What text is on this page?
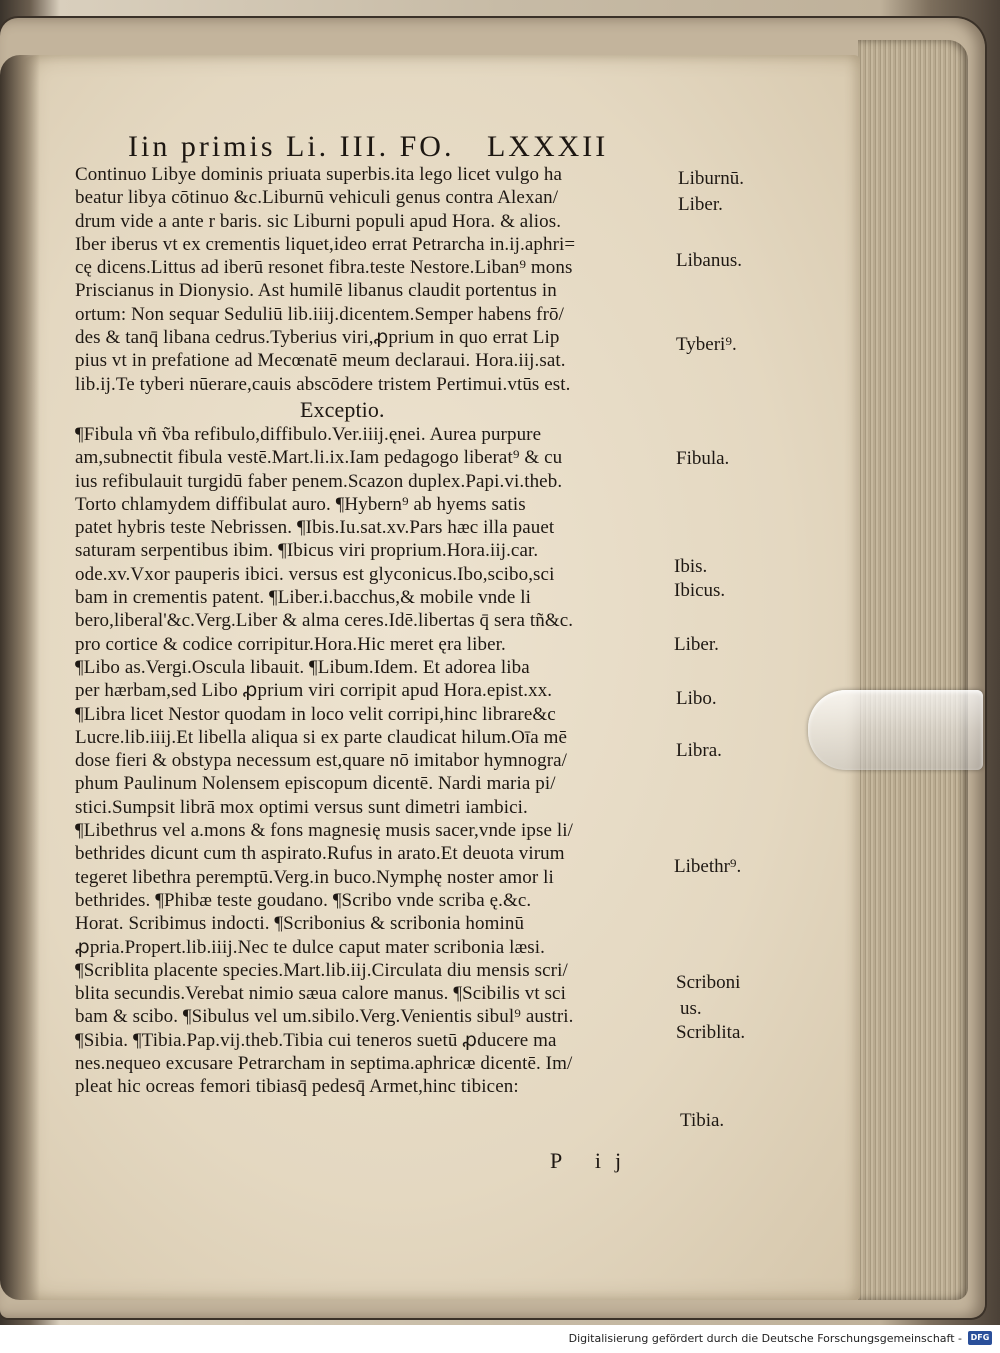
Iin primis Li. III. FO. LXXXII
Continuo Libye dominis priuata superbis.ita lego licet vulgo ha
beatur libya cōtinuo &c.Liburnū vehiculi genus contra Alexan/
drum vide a ante r baris. sic Liburni populi apud Hora. & alios.
Iber iberus vt ex crementis liquet,ideo errat Petrarcha in.ij.aphri=
cę dicens.Littus ad iberū resonet fibra.teste Nestore.Liban⁹ mons
Priscianus in Dionysio. Ast humilē libanus claudit portentus in
ortum: Non sequar Seduliū lib.iiij.dicentem.Semper habens frō/
des & tanq̄ libana cedrus.Tyberius viri,ꝓprium in quo errat Lip
pius vt in prefatione ad Mecœnatē meum declaraui. Hora.iij.sat.
lib.ij.Te tyberi nūerare,cauis abscōdere tristem Pertimui.vtūs est.
Exceptio.
¶Fibula vñ ṽba refibulo,diffibulo.Ver.iiij.ęnei. Aurea purpure
am,subnectit fibula vestē.Mart.li.ix.Iam pedagogo liberat⁹ & cu
ius refibulauit turgidū faber penem.Scazon duplex.Papi.vi.theb.
Torto chlamydem diffibulat auro. ¶Hybern⁹ ab hyems satis
patet hybris teste Nebrissen. ¶Ibis.Iu.sat.xv.Pars hæc illa pauet
saturam serpentibus ibim. ¶Ibicus viri proprium.Hora.iij.car.
ode.xv.Vxor pauperis ibici. versus est glyconicus.Ibo,scibo,sci
bam in crementis patent. ¶Liber.i.bacchus,& mobile vnde li
bero,liberal'&c.Verg.Liber & alma ceres.Idē.libertas q̄ sera tñ&c.
pro cortice & codice corripitur.Hora.Hic meret ęra liber.
¶Libo as.Vergi.Oscula libauit. ¶Libum.Idem. Et adorea liba
per hærbam,sed Libo ꝓprium viri corripit apud Hora.epist.xx.
¶Libra licet Nestor quodam in loco velit corripi,hinc librare&c
Lucre.lib.iiij.Et libella aliqua si ex parte claudicat hilum.Oīa mē
dose fieri & obstypa necessum est,quare nō imitabor hymnogra/
phum Paulinum Nolensem episcopum dicentē. Nardi maria pi/
stici.Sumpsit librā mox optimi versus sunt dimetri iambici.
¶Libethrus vel a.mons & fons magnesię musis sacer,vnde ipse li/
bethrides dicunt cum th aspirato.Rufus in arato.Et deuota virum
tegeret libethra peremptū.Verg.in buco.Nymphę noster amor li
bethrides. ¶Phibæ teste goudano. ¶Scribo vnde scriba ę.&c.
Horat. Scribimus indocti. ¶Scribonius & scribonia hominū
ꝓpria.Propert.lib.iiij.Nec te dulce caput mater scribonia læsi.
¶Scriblita placente species.Mart.lib.iij.Circulata diu mensis scri/
blita secundis.Verebat nimio sæua calore manus. ¶Scibilis vt sci
bam & scibo. ¶Sibulus vel um.sibilo.Verg.Venientis sibul⁹ austri.
¶Sibia. ¶Tibia.Pap.vij.theb.Tibia cui teneros suetū ꝓducere ma
nes.nequeo excusare Petrarcham in septima.aphricæ dicentē. Im/
pleat hic ocreas femori tibiasq̄ pedesq̄ Armet,hinc tibicen:
Liburnū.
Liber.
Libanus.
Tyberi⁹.
Fibula.
Ibis.
Ibicus.
Liber.
Libo.
Libra.
Libethr⁹.
Scriboni
us.
Scriblita.
Tibia.
P ij
Digitalisierung gefördert durch die Deutsche Forschungsgemeinschaft -	DFG
